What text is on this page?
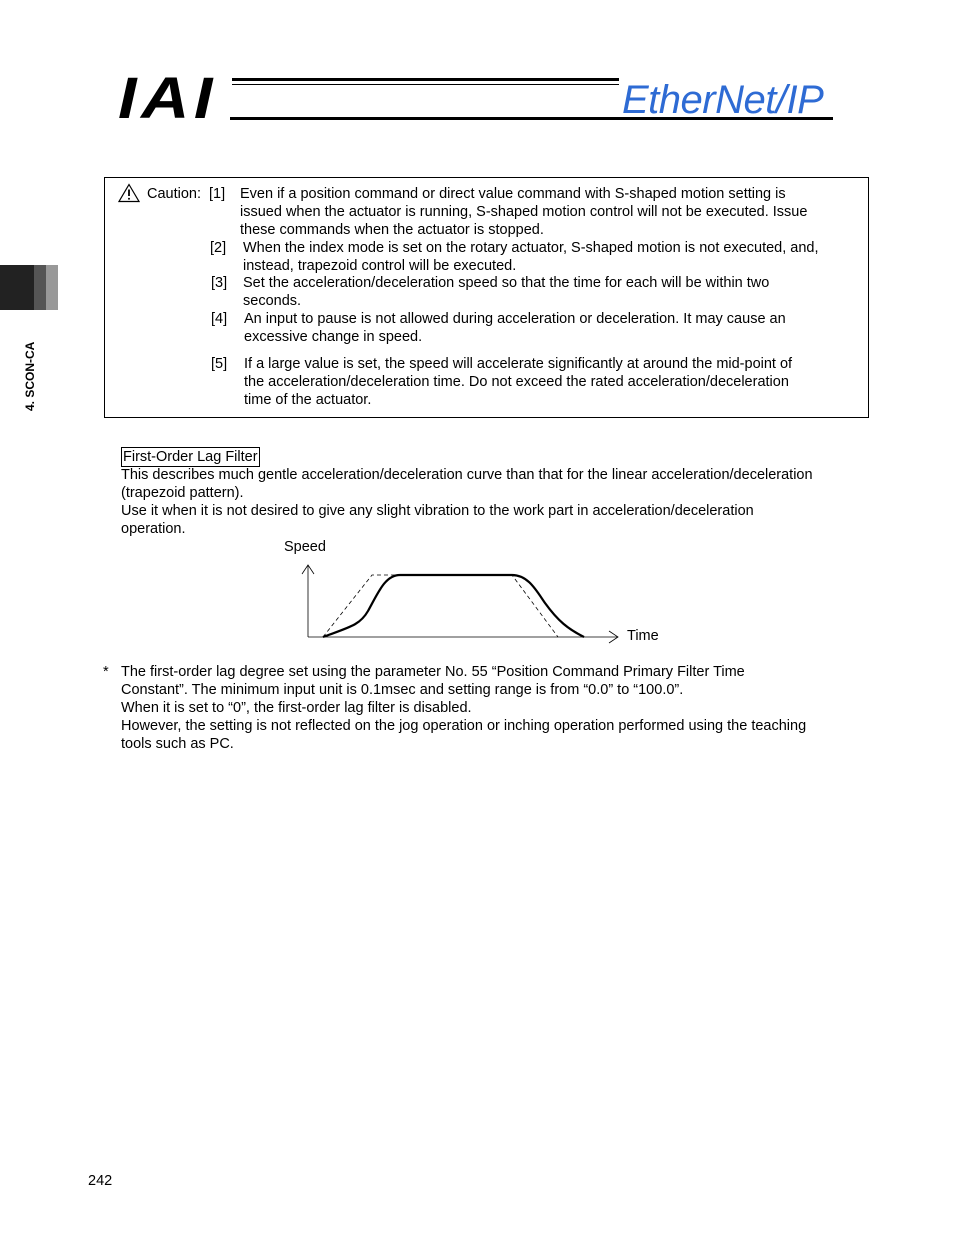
IAI	EtherNet/IP
4. SCON-CA
Caution: [1] Even if a position command or direct value command with S-shaped motion setting is
issued when the actuator is running, S-shaped motion control will not be executed. Issue
these commands when the actuator is stopped.
[2] When the index mode is set on the rotary actuator, S-shaped motion is not executed, and,
instead, trapezoid control will be executed.
[3] Set the acceleration/deceleration speed so that the time for each will be within two
seconds.
[4] An input to pause is not allowed during acceleration or deceleration. It may cause an
excessive change in speed.
[5] If a large value is set, the speed will accelerate significantly at around the mid-point of
the acceleration/deceleration time. Do not exceed the rated acceleration/deceleration
time of the actuator.
First-Order Lag Filter
This describes much gentle acceleration/deceleration curve than that for the linear acceleration/deceleration
(trapezoid pattern).
Use it when it is not desired to give any slight vibration to the work part in acceleration/deceleration
operation.
Speed
Time
* The first-order lag degree set using the parameter No. 55 “Position Command Primary Filter Time
Constant”. The minimum input unit is 0.1msec and setting range is from “0.0” to “100.0”.
When it is set to “0”, the first-order lag filter is disabled.
However, the setting is not reflected on the jog operation or inching operation performed using the teaching
tools such as PC.
242
